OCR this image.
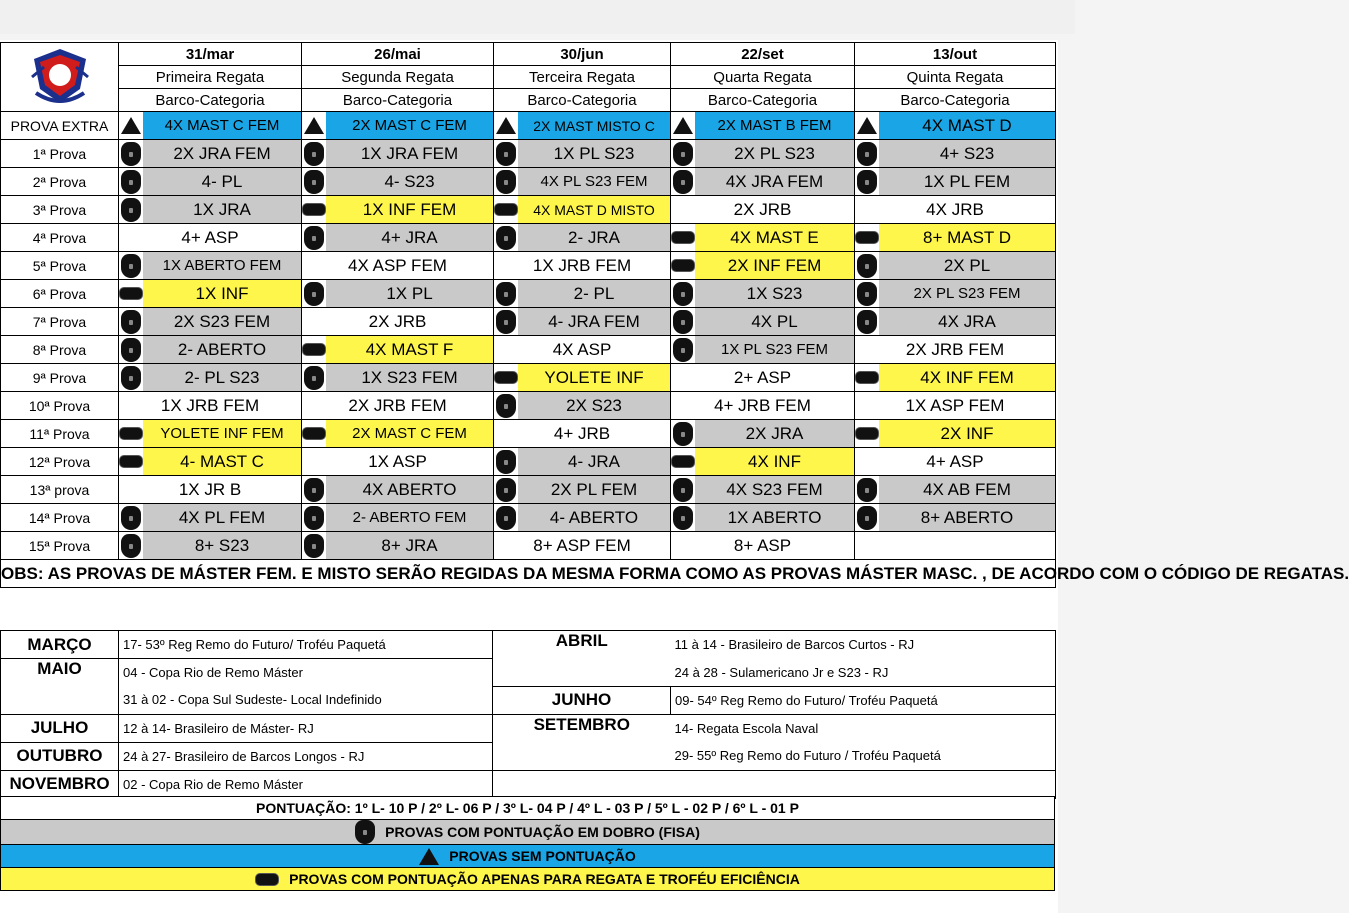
	31/mar	26/mai	30/jun	22/set	13/out
	Primeira Regata	Segunda Regata	Terceira Regata	Quarta Regata	Quinta Regata
	Barco-Categoria	Barco-Categoria	Barco-Categoria	Barco-Categoria	Barco-Categoria
PROVA EXTRA	4X MAST C FEM	2X MAST C FEM	2X MAST MISTO C	2X MAST B FEM	4X MAST D

1ª Prova	2X JRA FEM	1X JRA FEM	1X PL S23	2X PL S23	4+ S23

2ª Prova	4- PL	4- S23	4X PL S23 FEM	4X JRA FEM	1X PL FEM

3ª Prova	1X JRA	1X INF FEM	4X MAST D MISTO	2X JRB	4X JRB

4ª Prova	4+ ASP	4+ JRA	2- JRA	4X MAST E	8+ MAST D

5ª Prova	1X ABERTO FEM	4X ASP FEM	1X JRB FEM	2X INF FEM	2X PL

6ª Prova	1X INF	1X PL	2- PL	1X S23	2X PL S23 FEM

7ª Prova	2X S23 FEM	2X JRB	4- JRA FEM	4X PL	4X JRA

8ª Prova	2- ABERTO	4X MAST F	4X ASP	1X PL S23 FEM	2X JRB FEM

9ª Prova	2- PL S23	1X S23 FEM	YOLETE INF	2+ ASP	4X INF FEM

10ª Prova	1X JRB FEM	2X JRB FEM	2X S23	4+ JRB FEM	1X ASP FEM

11ª Prova	YOLETE INF FEM	2X MAST C FEM	4+ JRB	2X JRA	2X INF

12ª Prova	4- MAST C	1X ASP	4- JRA	4X INF	4+ ASP

13ª prova	1X JR B	4X ABERTO	2X PL FEM	4X S23 FEM	4X AB FEM

14ª Prova	4X PL FEM	2- ABERTO FEM	4- ABERTO	1X ABERTO	8+ ABERTO

15ª Prova	8+ S23	8+ JRA	8+ ASP FEM	8+ ASP	

OBS: AS PROVAS DE MÁSTER FEM. E MISTO SERÃO REGIDAS DA MESMA FORMA COMO AS PROVAS MÁSTER MASC. , DE ACORDO COM O CÓDIGO DE REGATAS.					
MARÇO	17- 53º Reg Remo do Futuro/ Troféu Paquetá	ABRIL	11 à 14 - Brasileiro de Barcos Curtos - RJ
MAIO	04 - Copa Rio de Remo Máster		24 à 28 - Sulamericano Jr e S23 - RJ
	31 à 02 - Copa Sul Sudeste- Local Indefinido	JUNHO	09- 54º Reg Remo do Futuro/ Troféu Paquetá
JULHO	12 à 14- Brasileiro de Máster- RJ	SETEMBRO	14- Regata Escola Naval
OUTUBRO	24 à 27- Brasileiro de Barcos Longos - RJ		29- 55º Reg Remo do Futuro / Troféu Paquetá
NOVEMBRO	02 - Copa Rio de Remo Máster		
PONTUAÇÃO: 1º L- 10 P / 2º L- 06 P / 3º L- 04 P / 4º L - 03 P / 5º L - 02 P / 6º L - 01 P

PROVAS COM PONTUAÇÃO EM DOBRO (FISA)

PROVAS SEM PONTUAÇÃO

PROVAS COM PONTUAÇÃO APENAS PARA REGATA E TROFÉU EFICIÊNCIA
